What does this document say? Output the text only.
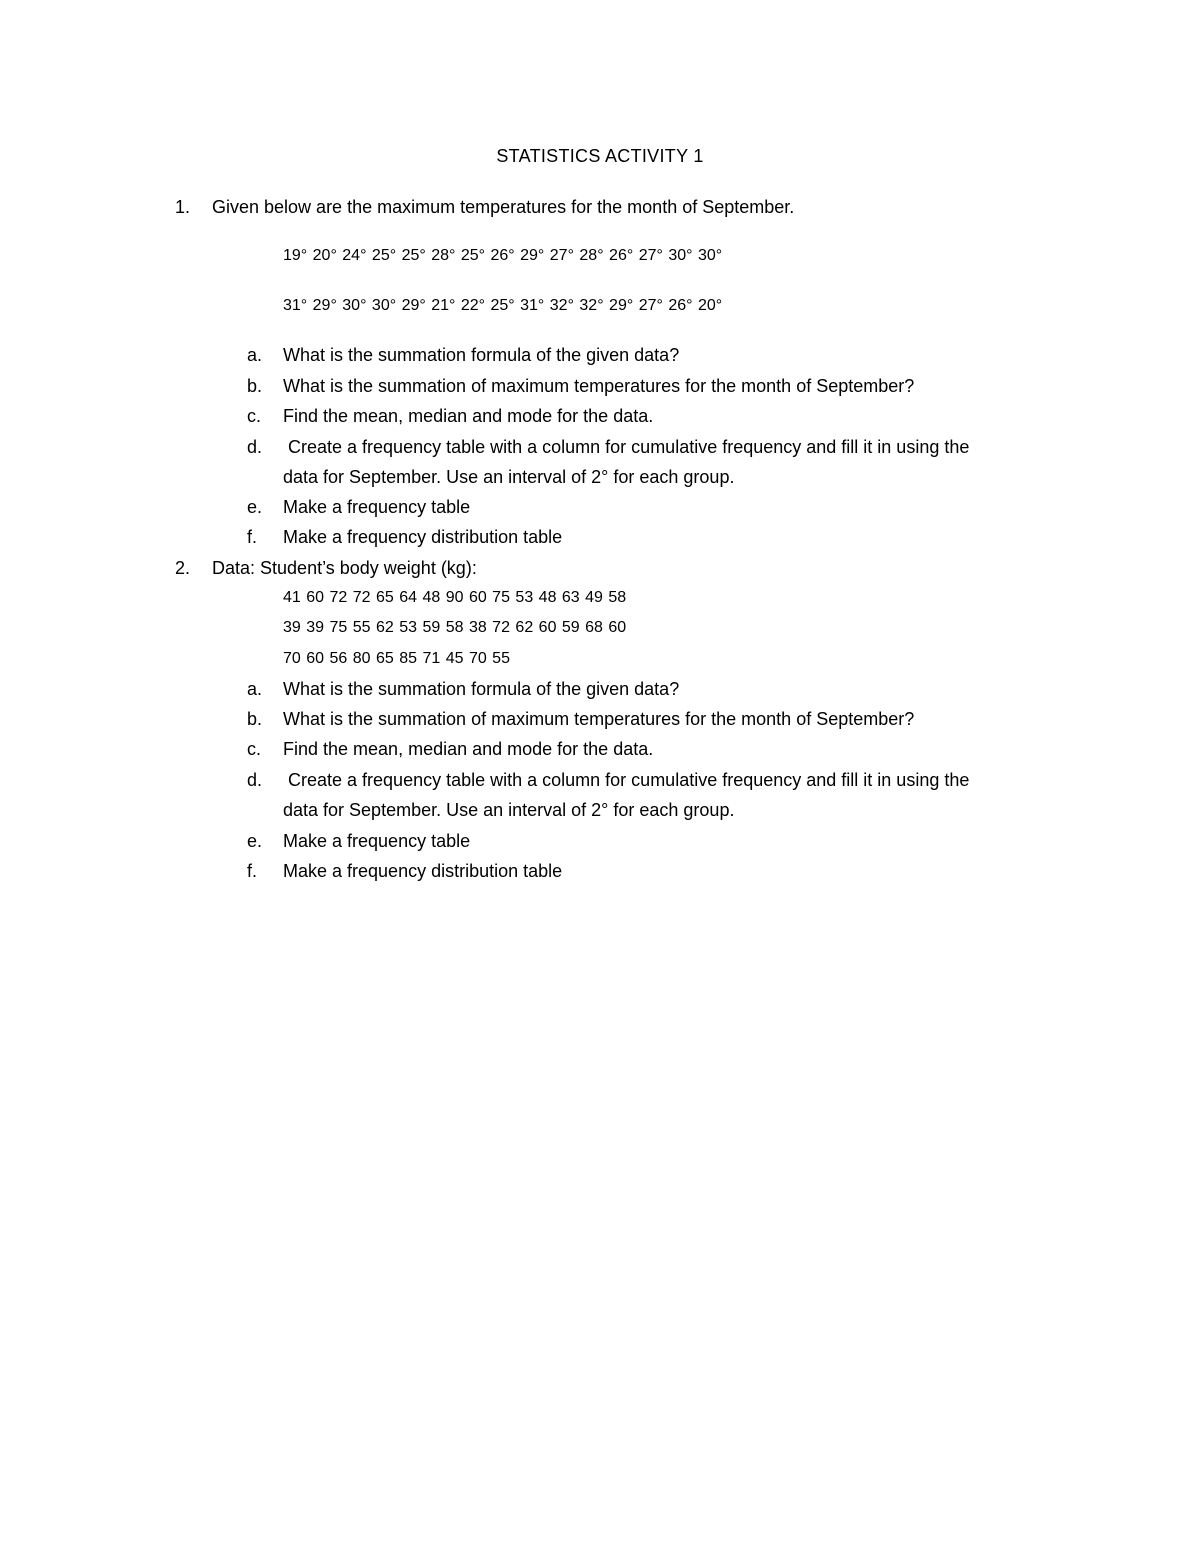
STATISTICS ACTIVITY 1
1. Given below are the maximum temperatures for the month of September.
19° 20° 24° 25° 25° 28° 25° 26° 29° 27° 28° 26° 27° 30° 30°
31° 29° 30° 30° 29° 21° 22° 25° 31° 32° 32° 29° 27° 26° 20°
a. What is the summation formula of the given data?
b. What is the summation of maximum temperatures for the month of September?
c. Find the mean, median and mode for the data.
d. Create a frequency table with a column for cumulative frequency and fill it in using the
data for September. Use an interval of 2° for each group.
e. Make a frequency table
f. Make a frequency distribution table
2. Data: Student’s body weight (kg):
41 60 72 72 65 64 48 90 60 75 53 48 63 49 58
39 39 75 55 62 53 59 58 38 72 62 60 59 68 60
70 60 56 80 65 85 71 45 70 55
a. What is the summation formula of the given data?
b. What is the summation of maximum temperatures for the month of September?
c. Find the mean, median and mode for the data.
d. Create a frequency table with a column for cumulative frequency and fill it in using the
data for September. Use an interval of 2° for each group.
e. Make a frequency table
f. Make a frequency distribution table
